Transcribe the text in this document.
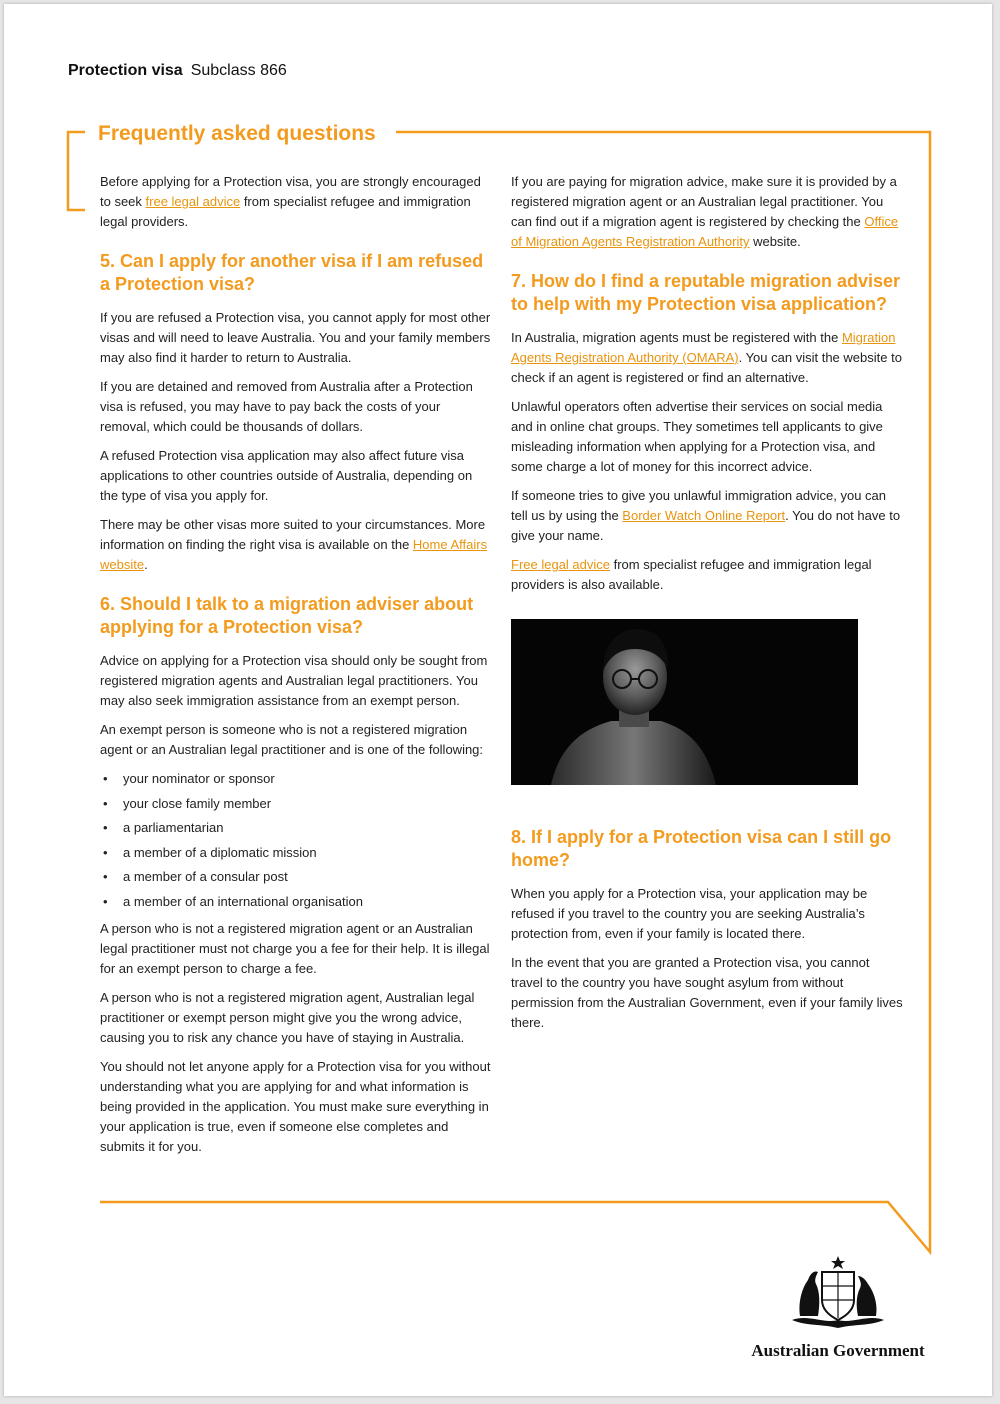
Protection visa Subclass 866
Frequently asked questions

Before applying for a Protection visa, you are strongly encouraged to seek free legal advice from specialist refugee and immigration legal providers.

5. Can I apply for another visa if I am refused a Protection visa?

If you are refused a Protection visa, you cannot apply for most other visas and will need to leave Australia. You and your family members may also find it harder to return to Australia.

If you are detained and removed from Australia after a Protection visa is refused, you may have to pay back the costs of your removal, which could be thousands of dollars.

A refused Protection visa application may also affect future visa applications to other countries outside of Australia, depending on the type of visa you apply for.

There may be other visas more suited to your circumstances. More information on finding the right visa is available on the Home Affairs website.

6. Should I talk to a migration adviser about applying for a Protection visa?

Advice on applying for a Protection visa should only be sought from registered migration agents and Australian legal practitioners. You may also seek immigration assistance from an exempt person.

An exempt person is someone who is not a registered migration agent or an Australian legal practitioner and is one of the following:

• your nominator or sponsor
• your close family member
• a parliamentarian
• a member of a diplomatic mission
• a member of a consular post
• a member of an international organisation

A person who is not a registered migration agent or an Australian legal practitioner must not charge you a fee for their help. It is illegal for an exempt person to charge a fee.

A person who is not a registered migration agent, Australian legal practitioner or exempt person might give you the wrong advice, causing you to risk any chance you have of staying in Australia.

You should not let anyone apply for a Protection visa for you without understanding what you are applying for and what information is being provided in the application. You must make sure everything in your application is true, even if someone else completes and submits it for you.

If you are paying for migration advice, make sure it is provided by a registered migration agent or an Australian legal practitioner. You can find out if a migration agent is registered by checking the Office of Migration Agents Registration Authority website.

7. How do I find a reputable migration adviser to help with my Protection visa application?

In Australia, migration agents must be registered with the Migration Agents Registration Authority (OMARA). You can visit the website to check if an agent is registered or find an alternative.

Unlawful operators often advertise their services on social media and in online chat groups. They sometimes tell applicants to give misleading information when applying for a Protection visa, and some charge a lot of money for this incorrect advice.

If someone tries to give you unlawful immigration advice, you can tell us by using the Border Watch Online Report. You do not have to give your name.

Free legal advice from specialist refugee and immigration legal providers is also available.

8. If I apply for a Protection visa can I still go home?

When you apply for a Protection visa, your application may be refused if you travel to the country you are seeking Australia’s protection from, even if your family is located there.

In the event that you are granted a Protection visa, you cannot travel to the country you have sought asylum from without permission from the Australian Government, even if your family lives there.

Australian Government
